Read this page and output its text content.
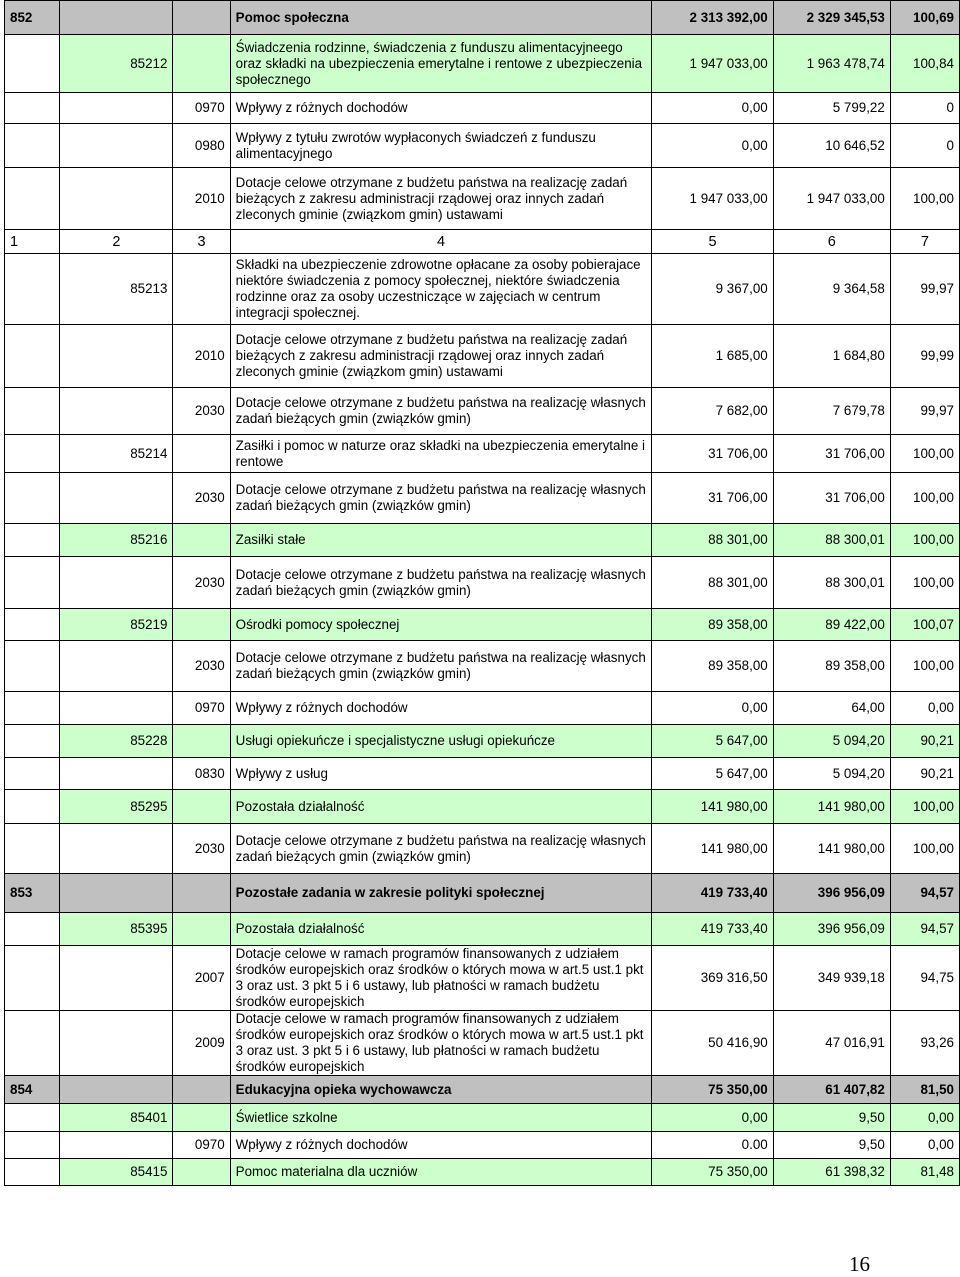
852			Pomoc społeczna	2 313 392,00	2 329 345,53	100,69
	85212		Świadczenia rodzinne, świadczenia z funduszu alimentacyjneego oraz składki na ubezpieczenia emerytalne i rentowe z ubezpieczenia społecznego	1 947 033,00	1 963 478,74	100,84
		0970	Wpływy z różnych dochodów	0,00	5 799,22	0
		0980	Wpływy z tytułu zwrotów wypłaconych świadczeń z funduszu alimentacyjnego	0,00	10 646,52	0
		2010	Dotacje celowe otrzymane z budżetu państwa na realizację zadań bieżących z zakresu administracji rządowej oraz innych zadań zleconych gminie (związkom gmin) ustawami	1 947 033,00	1 947 033,00	100,00
1	2	3	4	5	6	7
	85213		Składki na ubezpieczenie zdrowotne opłacane za osoby pobierajace niektóre świadczenia z pomocy społecznej, niektóre świadczenia rodzinne oraz za osoby uczestniczące w zajęciach w centrum integracji społecznej.	9 367,00	9 364,58	99,97
		2010	Dotacje celowe otrzymane z budżetu państwa na realizację zadań bieżących z zakresu administracji rządowej oraz innych zadań zleconych gminie (związkom gmin) ustawami	1 685,00	1 684,80	99,99
		2030	Dotacje celowe otrzymane z budżetu państwa na realizację własnych zadań bieżących gmin (związków gmin)	7 682,00	7 679,78	99,97
	85214		Zasiłki i pomoc w naturze oraz składki na ubezpieczenia emerytalne i rentowe	31 706,00	31 706,00	100,00
		2030	Dotacje celowe otrzymane z budżetu państwa na realizację własnych zadań bieżących gmin (związków gmin)	31 706,00	31 706,00	100,00
	85216		Zasiłki stałe	88 301,00	88 300,01	100,00
		2030	Dotacje celowe otrzymane z budżetu państwa na realizację własnych zadań bieżących gmin (związków gmin)	88 301,00	88 300,01	100,00
	85219		Ośrodki pomocy społecznej	89 358,00	89 422,00	100,07
		2030	Dotacje celowe otrzymane z budżetu państwa na realizację własnych zadań bieżących gmin (związków gmin)	89 358,00	89 358,00	100,00
		0970	Wpływy z różnych dochodów	0,00	64,00	0,00
	85228		Usługi opiekuńcze i specjalistyczne usługi opiekuńcze	5 647,00	5 094,20	90,21
		0830	Wpływy z usług	5 647,00	5 094,20	90,21
	85295		Pozostała działalność	141 980,00	141 980,00	100,00
		2030	Dotacje celowe otrzymane z budżetu państwa na realizację własnych zadań bieżących gmin (związków gmin)	141 980,00	141 980,00	100,00
853			Pozostałe zadania w zakresie polityki społecznej	419 733,40	396 956,09	94,57
	85395		Pozostała działalność	419 733,40	396 956,09	94,57
		2007	Dotacje celowe w ramach programów finansowanych z udziałem środków europejskich oraz środków o których mowa w art.5 ust.1 pkt 3 oraz ust. 3 pkt 5 i 6 ustawy, lub płatności w ramach budżetu środków europejskich	369 316,50	349 939,18	94,75
		2009	Dotacje celowe w ramach programów finansowanych z udziałem środków europejskich oraz środków o których mowa w art.5 ust.1 pkt 3 oraz ust. 3 pkt 5 i 6 ustawy, lub płatności w ramach budżetu środków europejskich	50 416,90	47 016,91	93,26
854			Edukacyjna opieka wychowawcza	75 350,00	61 407,82	81,50
	85401		Świetlice szkolne	0,00	9,50	0,00
		0970	Wpływy z różnych dochodów	0.00	9,50	0,00
	85415		Pomoc materialna dla uczniów	75 350,00	61 398,32	81,48
16
